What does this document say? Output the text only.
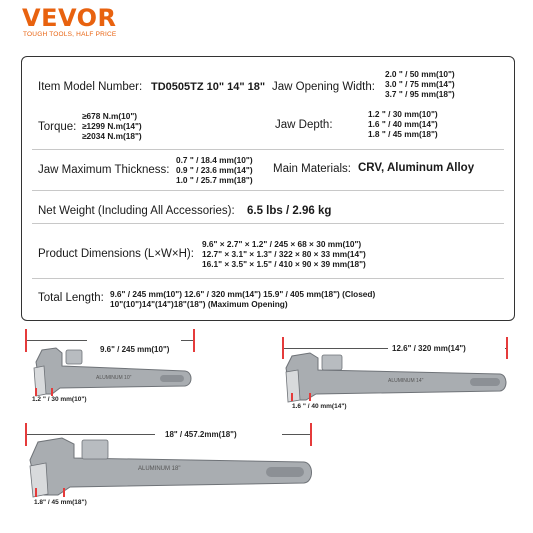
VEVOR
TOUGH TOOLS, HALF PRICE
Item Model Number: TD0505TZ 10" 14" 18" Jaw Opening Width:
2.0 " / 50 mm(10")
3.0 " / 75 mm(14")
3.7 " / 95 mm(18")
Torque:
≥678 N.m(10")
≥1299 N.m(14")
≥2034 N.m(18")
Jaw Depth:
1.2 " / 30 mm(10")
1.6 " / 40 mm(14")
1.8 " / 45 mm(18")
Jaw Maximum Thickness:
0.7 " / 18.4 mm(10")
0.9 " / 23.6 mm(14")
1.0 " / 25.7 mm(18")
Main Materials: CRV, Aluminum Alloy
Net Weight (Including All Accessories): 6.5 lbs / 2.96 kg
Product Dimensions (L×W×H):
9.6" × 2.7" × 1.2" / 245 × 68 × 30 mm(10")
12.7" × 3.1" × 1.3" / 322 × 80 × 33 mm(14")
16.1" × 3.5" × 1.5" / 410 × 90 × 39 mm(18")
Total Length: 9.6" / 245 mm(10") 12.6" / 320 mm(14") 15.9" / 405 mm(18") (Closed)
10"(10")14"(14")18"(18") (Maximum Opening)
9.6" / 245 mm(10")
ALUMINUM 10"
1.2 " / 30 mm(10")
12.6" / 320 mm(14")
ALUMINUM 14"
1.6 " / 40 mm(14")
18" / 457.2mm(18")
ALUMINUM 18"
1.8" / 45 mm(18")
